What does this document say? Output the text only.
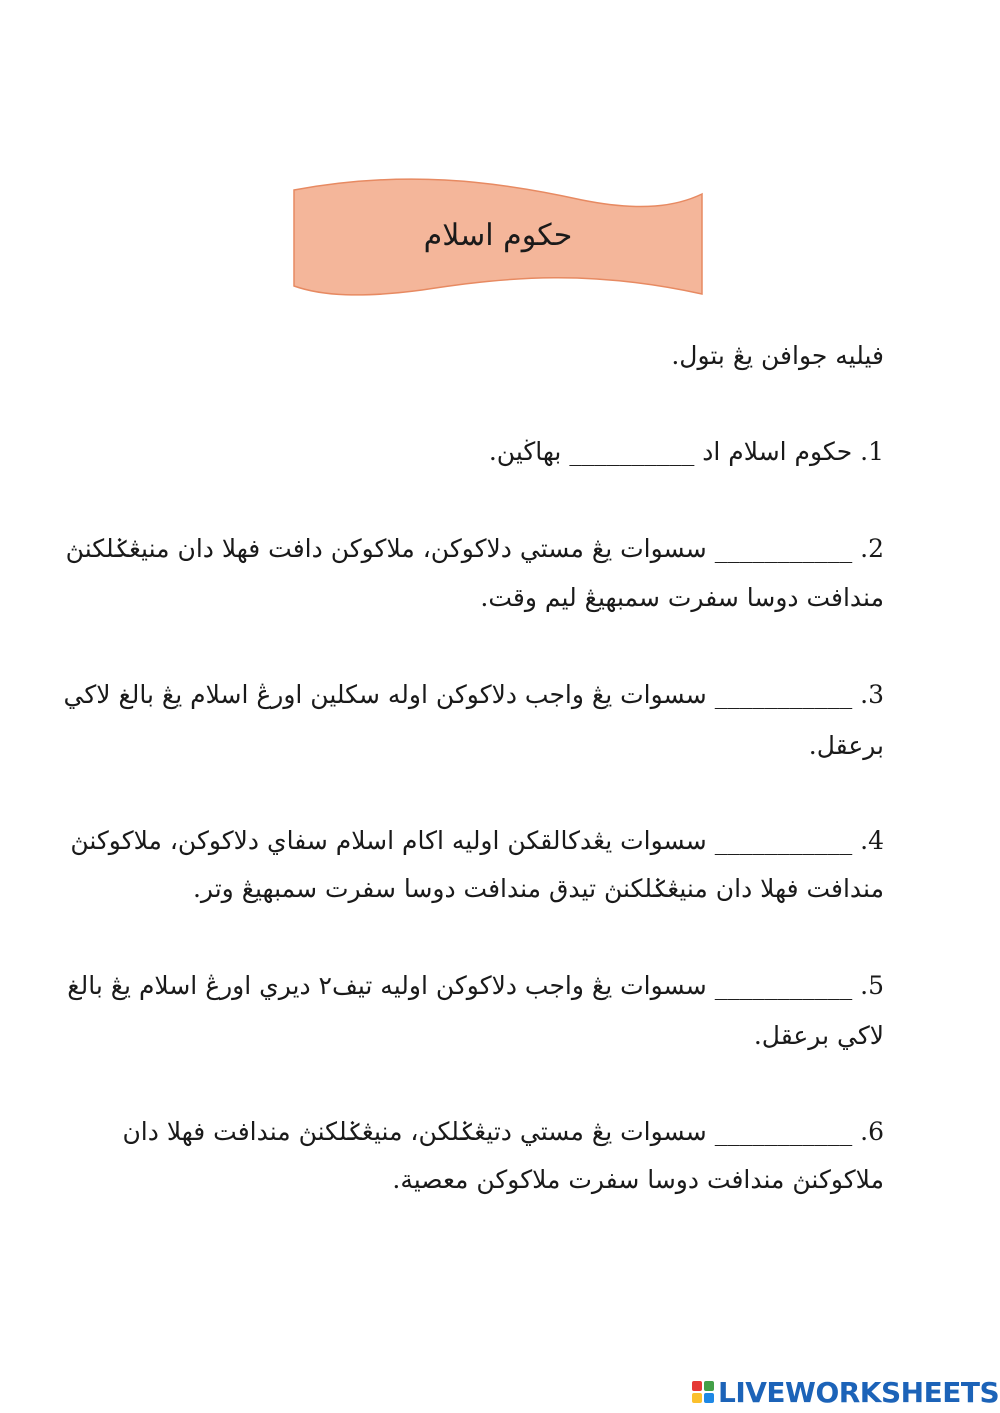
حکوم اسلام
فيليه جوافن يڠ بتول.
1. حکوم اسلام اد __________ بهاڬين.
2. ___________ سسوات يڠ مستي دلاکوکن، ملاکوکن دافت فهلا دان منيڠݢلکنڽ
مندافت دوسا سفرت سمبهيڠ ليم وقت.
3. ___________ سسوات يڠ واجب دلاکوکن اوله سکلين اورڠ اسلام يڠ بالغ لاکي
برعقل.
4. ___________ سسوات يڠدکالقکن اوليه اکام اسلام سفاي دلاکوکن، ملاکوکنڽ
مندافت فهلا دان منيڠݢلکنڽ تيدق مندافت دوسا سفرت سمبهيڠ وتر.
5. ___________ سسوات يڠ واجب دلاکوکن اوليه تيف٢ ديري اورڠ اسلام يڠ بالغ
لاکي برعقل.
6. ___________ سسوات يڠ مستي دتيڠݢلکن، منيڠݢلکنڽ مندافت فهلا دان
ملاکوکنڽ مندافت دوسا سفرت ملاکوکن معصية.
LIVEWORKSHEETS
